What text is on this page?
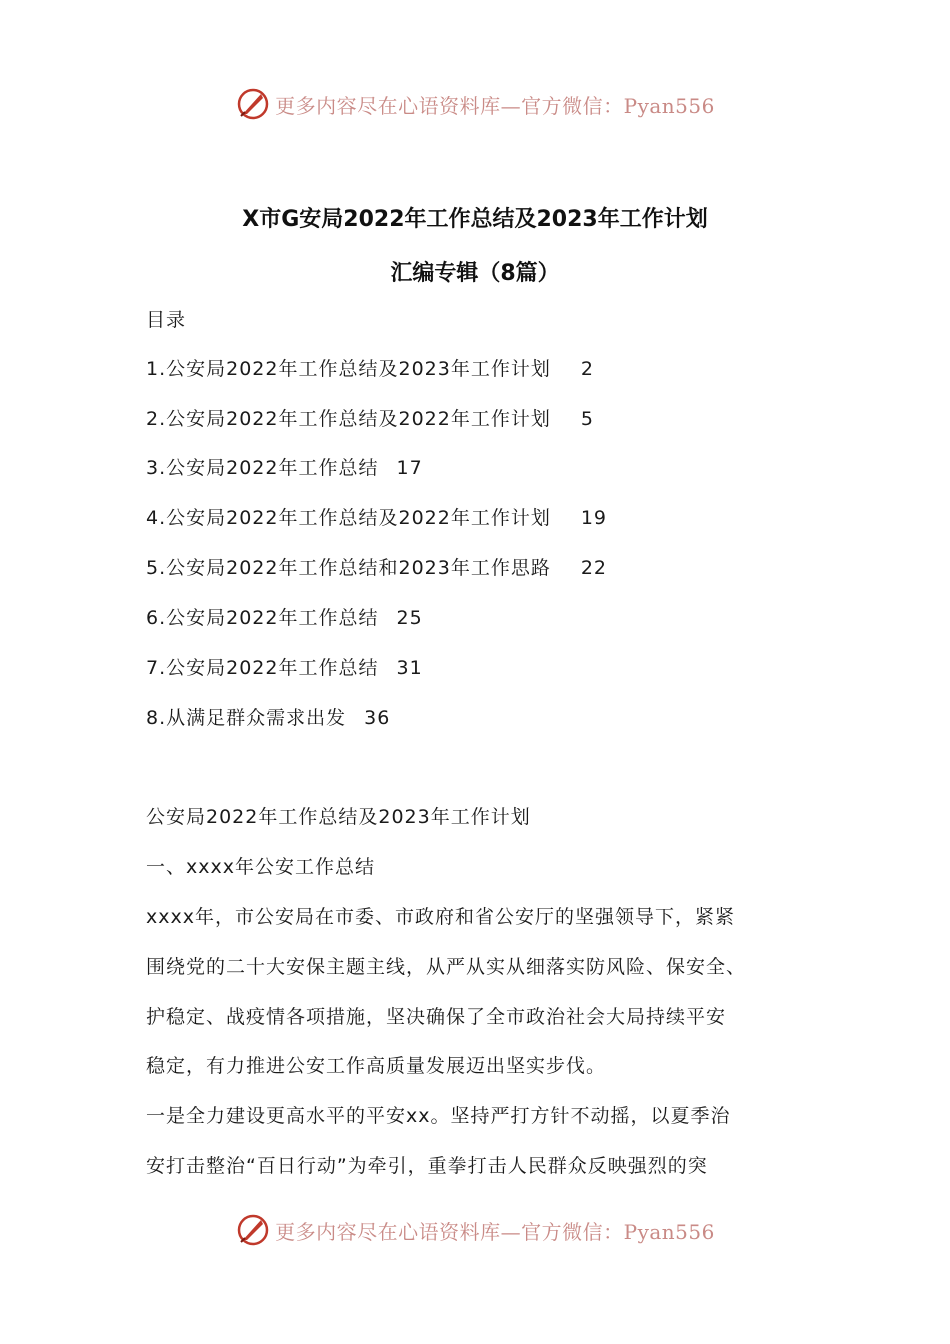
更多内容尽在心语资料库—官方微信：Pyan556
X市G安局2022年工作总结及2023年工作计划
汇编专辑（8篇）
目录
1.公安局2022年工作总结及2023年工作计划 2
2.公安局2022年工作总结及2022年工作计划 5
3.公安局2022年工作总结 17
4.公安局2022年工作总结及2022年工作计划 19
5.公安局2022年工作总结和2023年工作思路 22
6.公安局2022年工作总结 25
7.公安局2022年工作总结 31
8.从满足群众需求出发 36
公安局2022年工作总结及2023年工作计划
一、xxxx年公安工作总结
xxxx年，市公安局在市委、市政府和省公安厅的坚强领导下，紧紧
围绕党的二十大安保主题主线，从严从实从细落实防风险、保安全、
护稳定、战疫情各项措施，坚决确保了全市政治社会大局持续平安
稳定，有力推进公安工作高质量发展迈出坚实步伐。
一是全力建设更高水平的平安xx。坚持严打方针不动摇，以夏季治
安打击整治“百日行动”为牵引，重拳打击人民群众反映强烈的突
更多内容尽在心语资料库—官方微信：Pyan556
